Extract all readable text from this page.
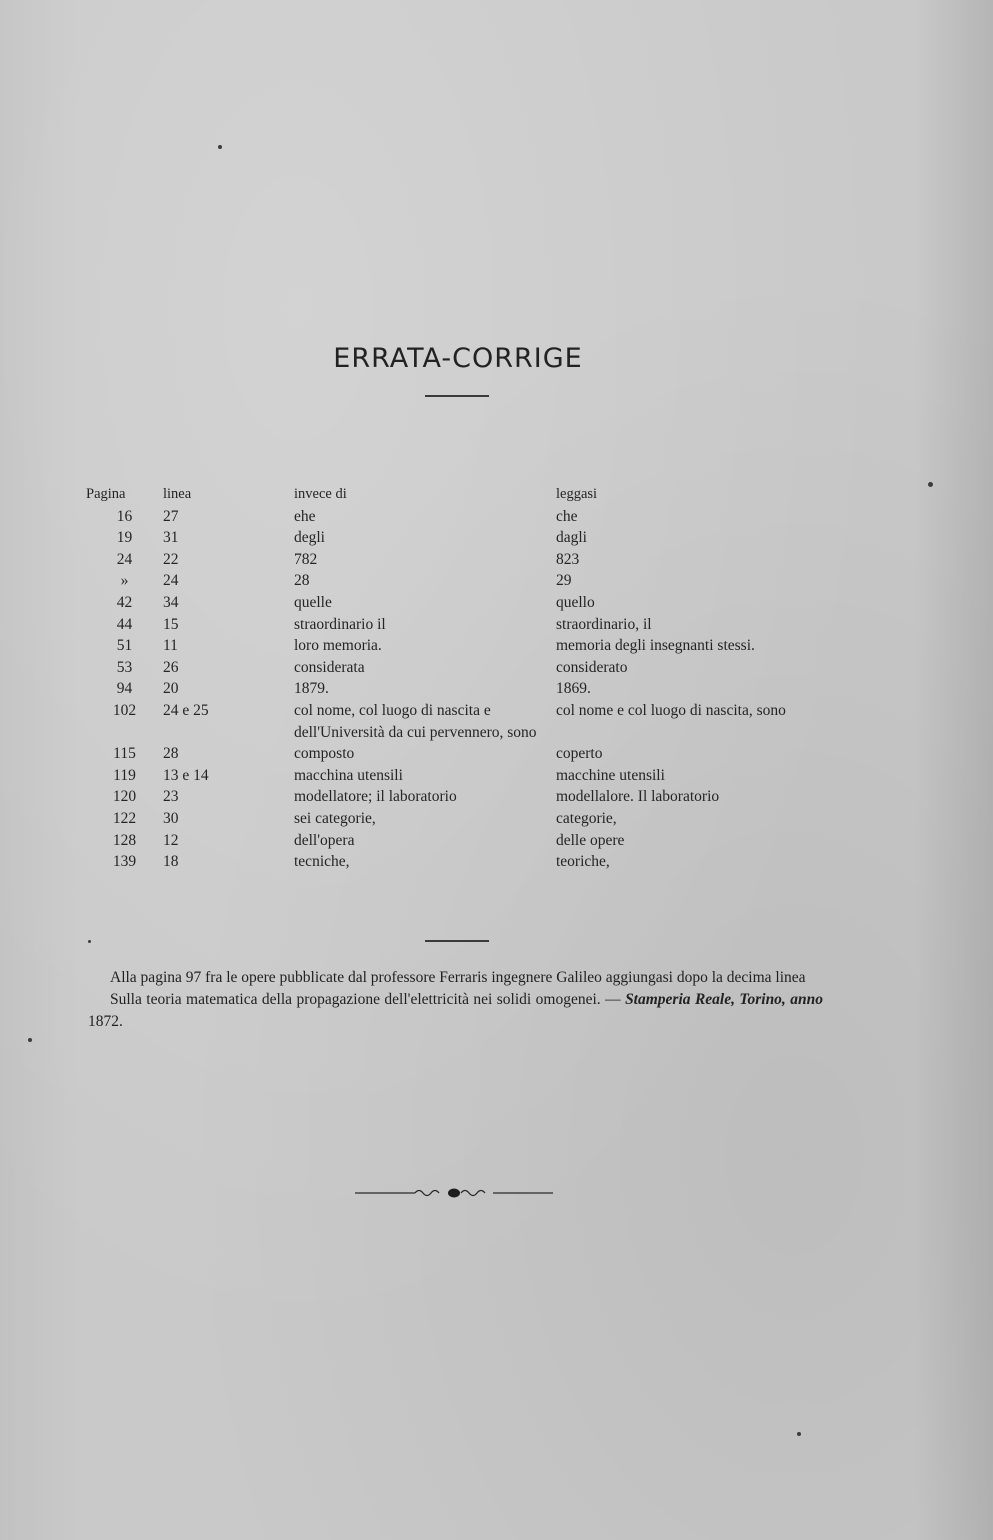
ERRATA-CORRIGE
Pagina	linea	invece di	leggasi
16	27	ehe	che
19	31	degli	dagli
24	22	782	823
»	24	28	29
42	34	quelle	quello
44	15	straordinario il	straordinario, il
51	11	loro memoria.	memoria degli insegnanti stessi.
53	26	considerata	considerato
94	20	1879.	1869.
102	24 e 25	col nome, col luogo di nascita e dell'Università da cui pervennero, sono	col nome e col luogo di nascita, sono
115	28	composto	coperto
119	13 e 14	macchina utensili	macchine utensili
120	23	modellatore; il laboratorio	modellalore. Il laboratorio
122	30	sei categorie,	categorie,
128	12	dell'opera	delle opere
139	18	tecniche,	teoriche,

Alla pagina 97 fra le opere pubblicate dal professore Ferraris ingegnere Galileo aggiungasi dopo la decima linea

Sulla teoria matematica della propagazione dell'elettricità nei solidi omogenei. — Stamperia Reale, Torino, anno 1872.
